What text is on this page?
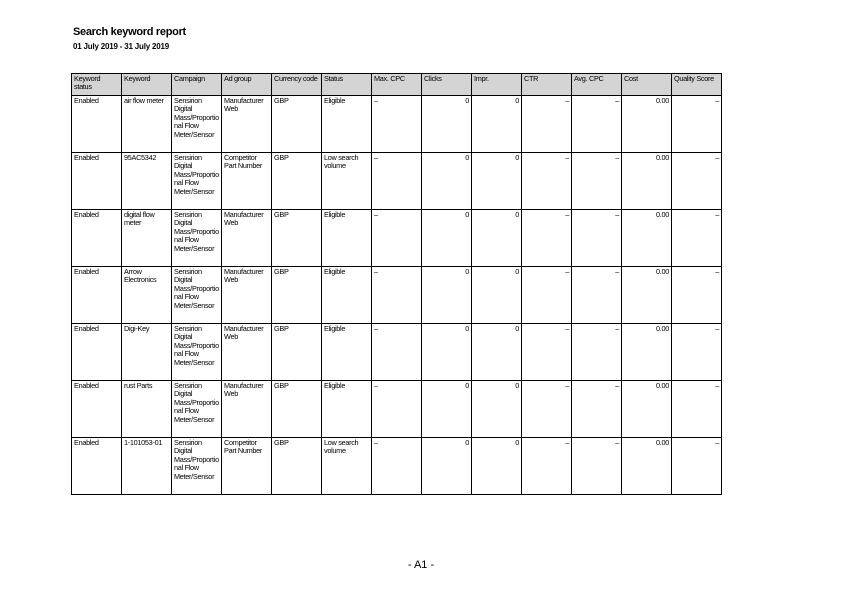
Search keyword report
01 July 2019 - 31 July 2019
Keyword status	Keyword	Campaign	Ad group	Currency code	Status	Max. CPC	Clicks	Impr.	CTR	Avg. CPC	Cost	Quality Score
Enabled	air flow meter	Sensirion Digital Mass/Proportional Flow Meter/Sensor	Manufacturer Web	GBP	Eligible	–	0	0	–	–	0.00	–
Enabled	95AC5342	Sensirion Digital Mass/Proportional Flow Meter/Sensor	Competitor Part Number	GBP	Low search volume	–	0	0	–	–	0.00	–
Enabled	digital flow meter	Sensirion Digital Mass/Proportional Flow Meter/Sensor	Manufacturer Web	GBP	Eligible	–	0	0	–	–	0.00	–
Enabled	Arrow Electronics	Sensirion Digital Mass/Proportional Flow Meter/Sensor	Manufacturer Web	GBP	Eligible	–	0	0	–	–	0.00	–
Enabled	Digi-Key	Sensirion Digital Mass/Proportional Flow Meter/Sensor	Manufacturer Web	GBP	Eligible	–	0	0	–	–	0.00	–
Enabled	rust Parts	Sensirion Digital Mass/Proportional Flow Meter/Sensor	Manufacturer Web	GBP	Eligible	–	0	0	–	–	0.00	–
Enabled	1-101053-01	Sensirion Digital Mass/Proportional Flow Meter/Sensor	Competitor Part Number	GBP	Low search volume	–	0	0	–	–	0.00	–
- A1 -
